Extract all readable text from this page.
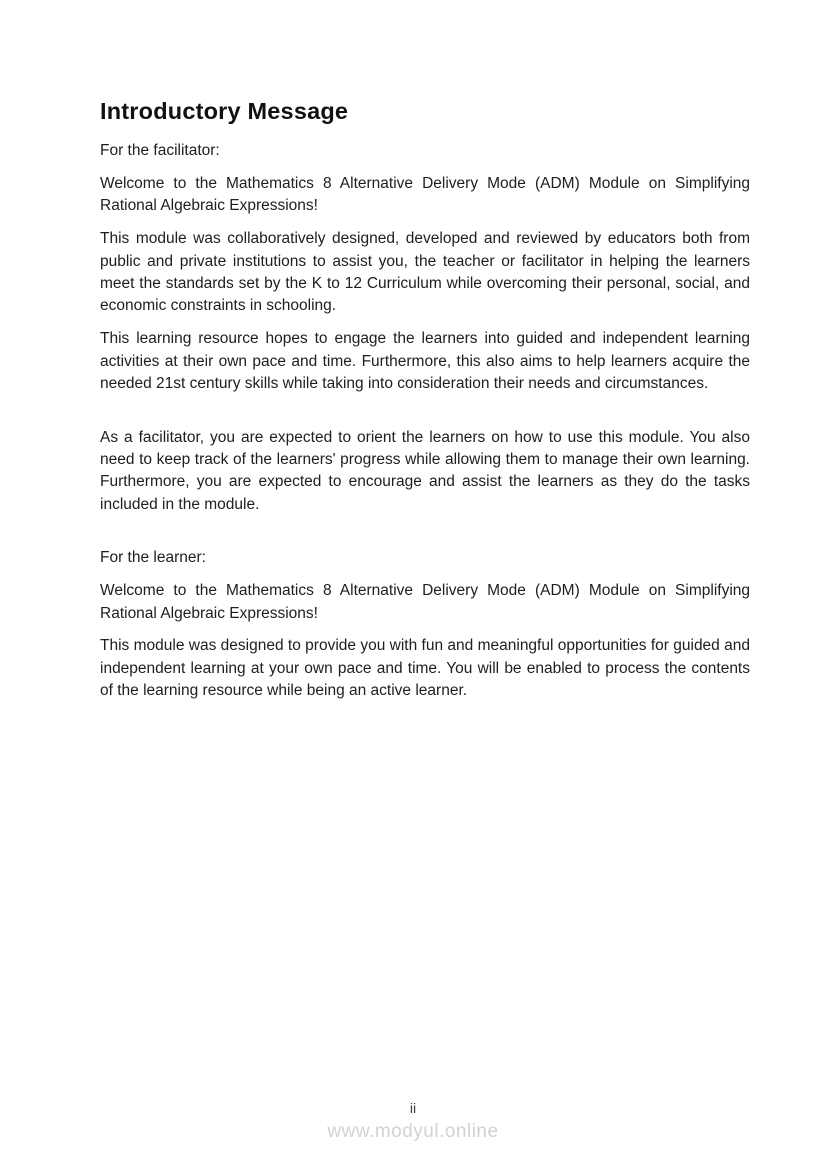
Introductory Message

For the facilitator:

Welcome to the Mathematics 8 Alternative Delivery Mode (ADM) Module on Simplifying Rational Algebraic Expressions!

This module was collaboratively designed, developed and reviewed by educators both from public and private institutions to assist you, the teacher or facilitator in helping the learners meet the standards set by the K to 12 Curriculum while overcoming their personal, social, and economic constraints in schooling.

This learning resource hopes to engage the learners into guided and independent learning activities at their own pace and time. Furthermore, this also aims to help learners acquire the needed 21st century skills while taking into consideration their needs and circumstances.

As a facilitator, you are expected to orient the learners on how to use this module. You also need to keep track of the learners' progress while allowing them to manage their own learning. Furthermore, you are expected to encourage and assist the learners as they do the tasks included in the module.

For the learner:

Welcome to the Mathematics 8 Alternative Delivery Mode (ADM) Module on Simplifying Rational Algebraic Expressions!

This module was designed to provide you with fun and meaningful opportunities for guided and independent learning at your own pace and time. You will be enabled to process the contents of the learning resource while being an active learner.

ii
www.modyul.online
